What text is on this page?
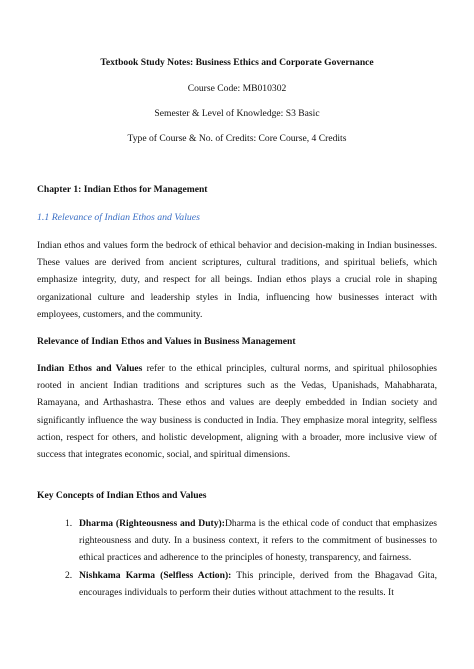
Textbook Study Notes: Business Ethics and Corporate Governance
Course Code: MB010302
Semester & Level of Knowledge: S3 Basic
Type of Course & No. of Credits: Core Course, 4 Credits
Chapter 1: Indian Ethos for Management
1.1 Relevance of Indian Ethos and Values
Indian ethos and values form the bedrock of ethical behavior and decision-making in Indian businesses. These values are derived from ancient scriptures, cultural traditions, and spiritual beliefs, which emphasize integrity, duty, and respect for all beings. Indian ethos plays a crucial role in shaping organizational culture and leadership styles in India, influencing how businesses interact with employees, customers, and the community.
Relevance of Indian Ethos and Values in Business Management
Indian Ethos and Values refer to the ethical principles, cultural norms, and spiritual philosophies rooted in ancient Indian traditions and scriptures such as the Vedas, Upanishads, Mahabharata, Ramayana, and Arthashastra. These ethos and values are deeply embedded in Indian society and significantly influence the way business is conducted in India. They emphasize moral integrity, selfless action, respect for others, and holistic development, aligning with a broader, more inclusive view of success that integrates economic, social, and spiritual dimensions.
Key Concepts of Indian Ethos and Values
1. Dharma (Righteousness and Duty):Dharma is the ethical code of conduct that emphasizes righteousness and duty. In a business context, it refers to the commitment of businesses to ethical practices and adherence to the principles of honesty, transparency, and fairness.
2. Nishkama Karma (Selfless Action): This principle, derived from the Bhagavad Gita, encourages individuals to perform their duties without attachment to the results. It
